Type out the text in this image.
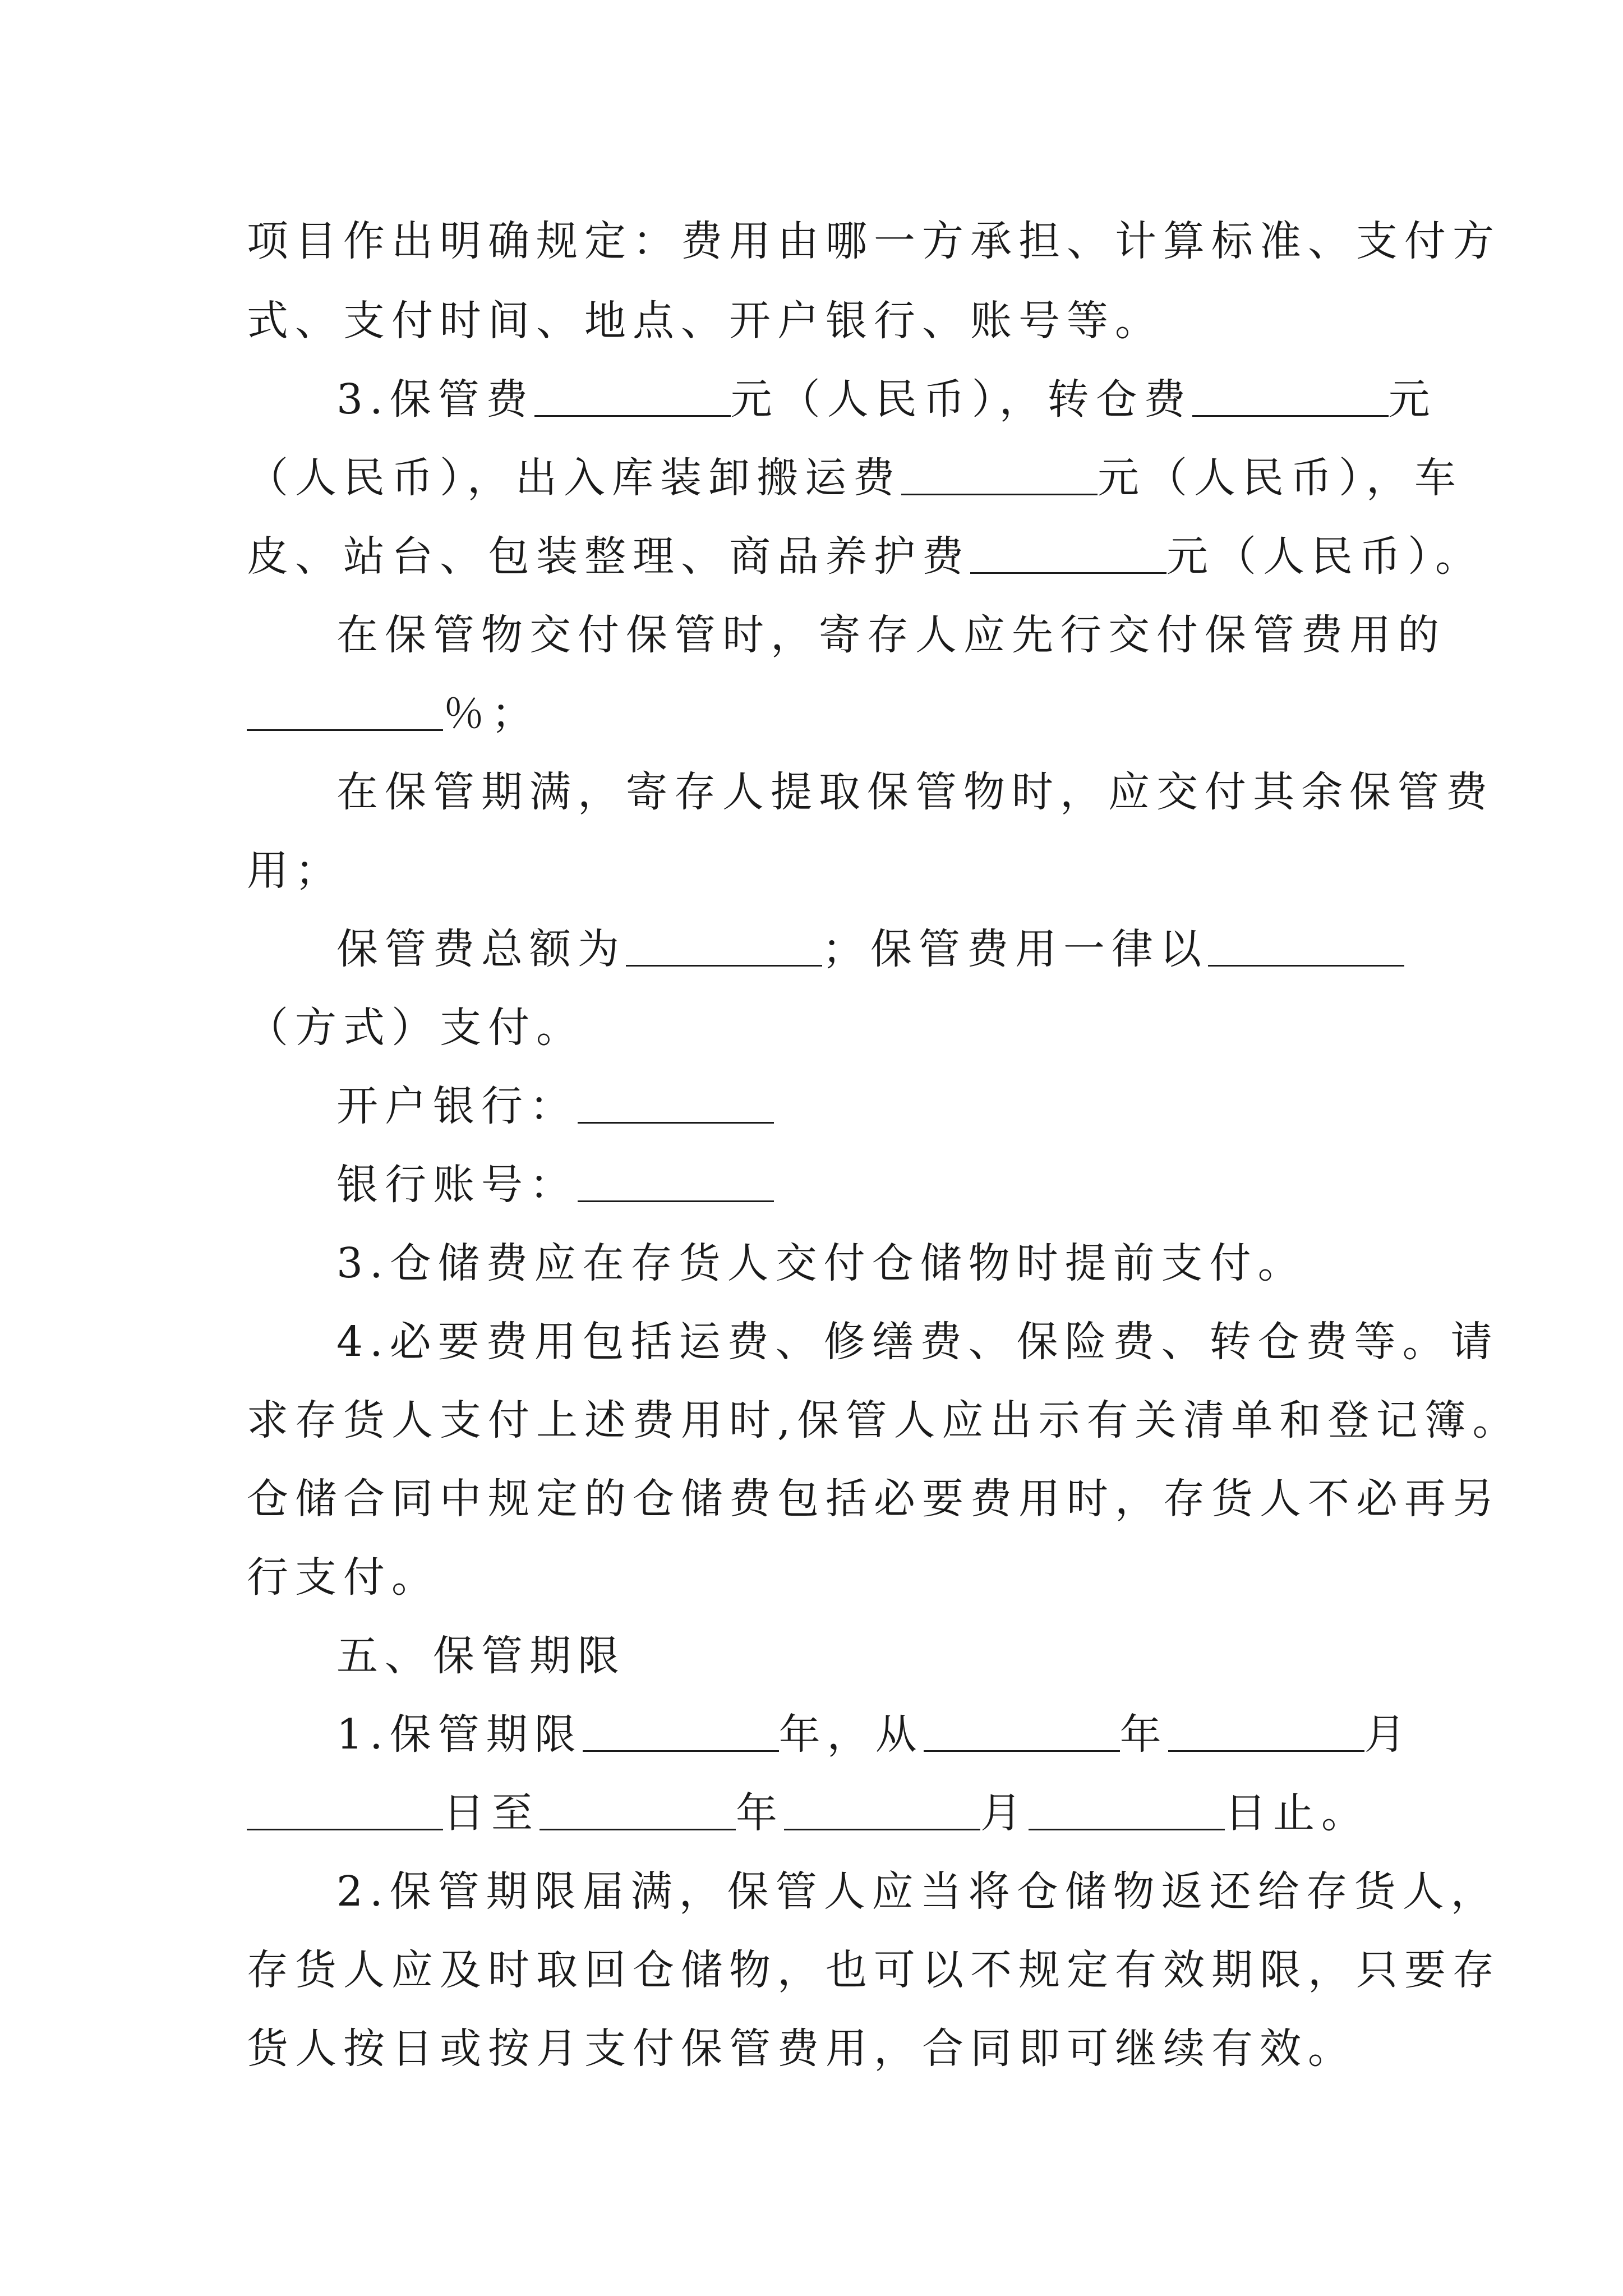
项目作出明确规定：费用由哪一方承担、计算标准、支付方
式、支付时间、地点、开户银行、账号等。
3.保管费	元（人民币），转仓费	元
（人民币），出入库装卸搬运费	元（人民币），车
皮、站台、包装整理、商品养护费	元（人民币）。
在保管物交付保管时，寄存人应先行交付保管费用的
％；
在保管期满，寄存人提取保管物时，应交付其余保管费
用；
保管费总额为	；保管费用一律以
（方式）支付。
开户银行：
银行账号：
3.仓储费应在存货人交付仓储物时提前支付。
4.必要费用包括运费、修缮费、保险费、转仓费等。请
求存货人支付上述费用时,保管人应出示有关清单和登记簿。
仓储合同中规定的仓储费包括必要费用时，存货人不必再另
行支付。
五、保管期限
1.保管期限	年，从	年	月
日至	年	月	日止。
2.保管期限届满，保管人应当将仓储物返还给存货人，
存货人应及时取回仓储物，也可以不规定有效期限，只要存
货人按日或按月支付保管费用，合同即可继续有效。
